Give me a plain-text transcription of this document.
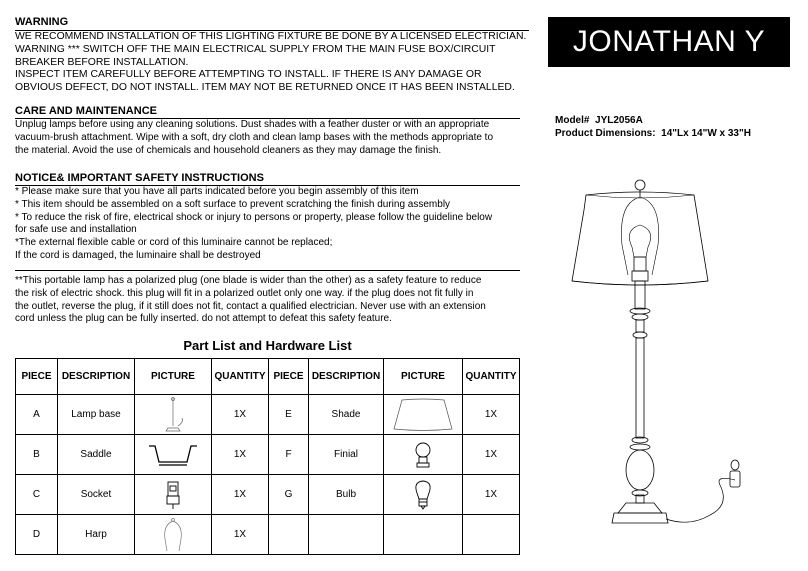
WARNING
WE RECOMMEND INSTALLATION OF THIS LIGHTING FIXTURE BE DONE BY A LICENSED ELECTRICIAN.
WARNING *** SWITCH OFF THE MAIN ELECTRICAL SUPPLY FROM THE MAIN FUSE BOX/CIRCUIT
BREAKER BEFORE INSTALLATION.
INSPECT ITEM CAREFULLY BEFORE ATTEMPTING TO INSTALL. IF THERE IS ANY DAMAGE OR
OBVIOUS DEFECT, DO NOT INSTALL. ITEM MAY NOT BE RETURNED ONCE IT HAS BEEN INSTALLED.
CARE AND MAINTENANCE
Unplug lamps before using any cleaning solutions. Dust shades with a feather duster or with an appropriate
vacuum-brush attachment. Wipe with a soft, dry cloth and clean lamp bases with the methods appropriate to
the material. Avoid the use of chemicals and household cleaners as they may damage the finish.
NOTICE& IMPORTANT SAFETY INSTRUCTIONS
* Please make sure that you have all parts indicated before you begin assembly of this item
* This item should be assembled on a soft surface to prevent scratching the finish during assembly
* To reduce the risk of fire, electrical shock or injury to persons or property, please follow the guideline below
for safe use and installation
*The external flexible cable or cord of this luminaire cannot be replaced;
If the cord is damaged, the luminaire shall be destroyed
**This portable lamp has a polarized plug (one blade is wider than the other) as a safety feature to reduce
the risk of electric shock. this plug will fit in a polarized outlet only one way. if the plug does not fit fully in
the outlet, reverse the plug, if it still does not fit, contact a qualified electrician. Never use with an extension
cord unless the plug can be fully inserted. do not attempt to defeat this safety feature.
JONATHAN Y
Model# JYL2056A
Product Dimensions: 14"Lx 14"W x 33"H
Part List and Hardware List
PIECE	DESCRIPTION	PICTURE	QUANTITY	PIECE	DESCRIPTION	PICTURE	QUANTITY
A	Lamp base		1X	E	Shade		1X
B	Saddle		1X	F	Finial		1X
C	Socket		1X	G	Bulb		1X
D	Harp		1X				
